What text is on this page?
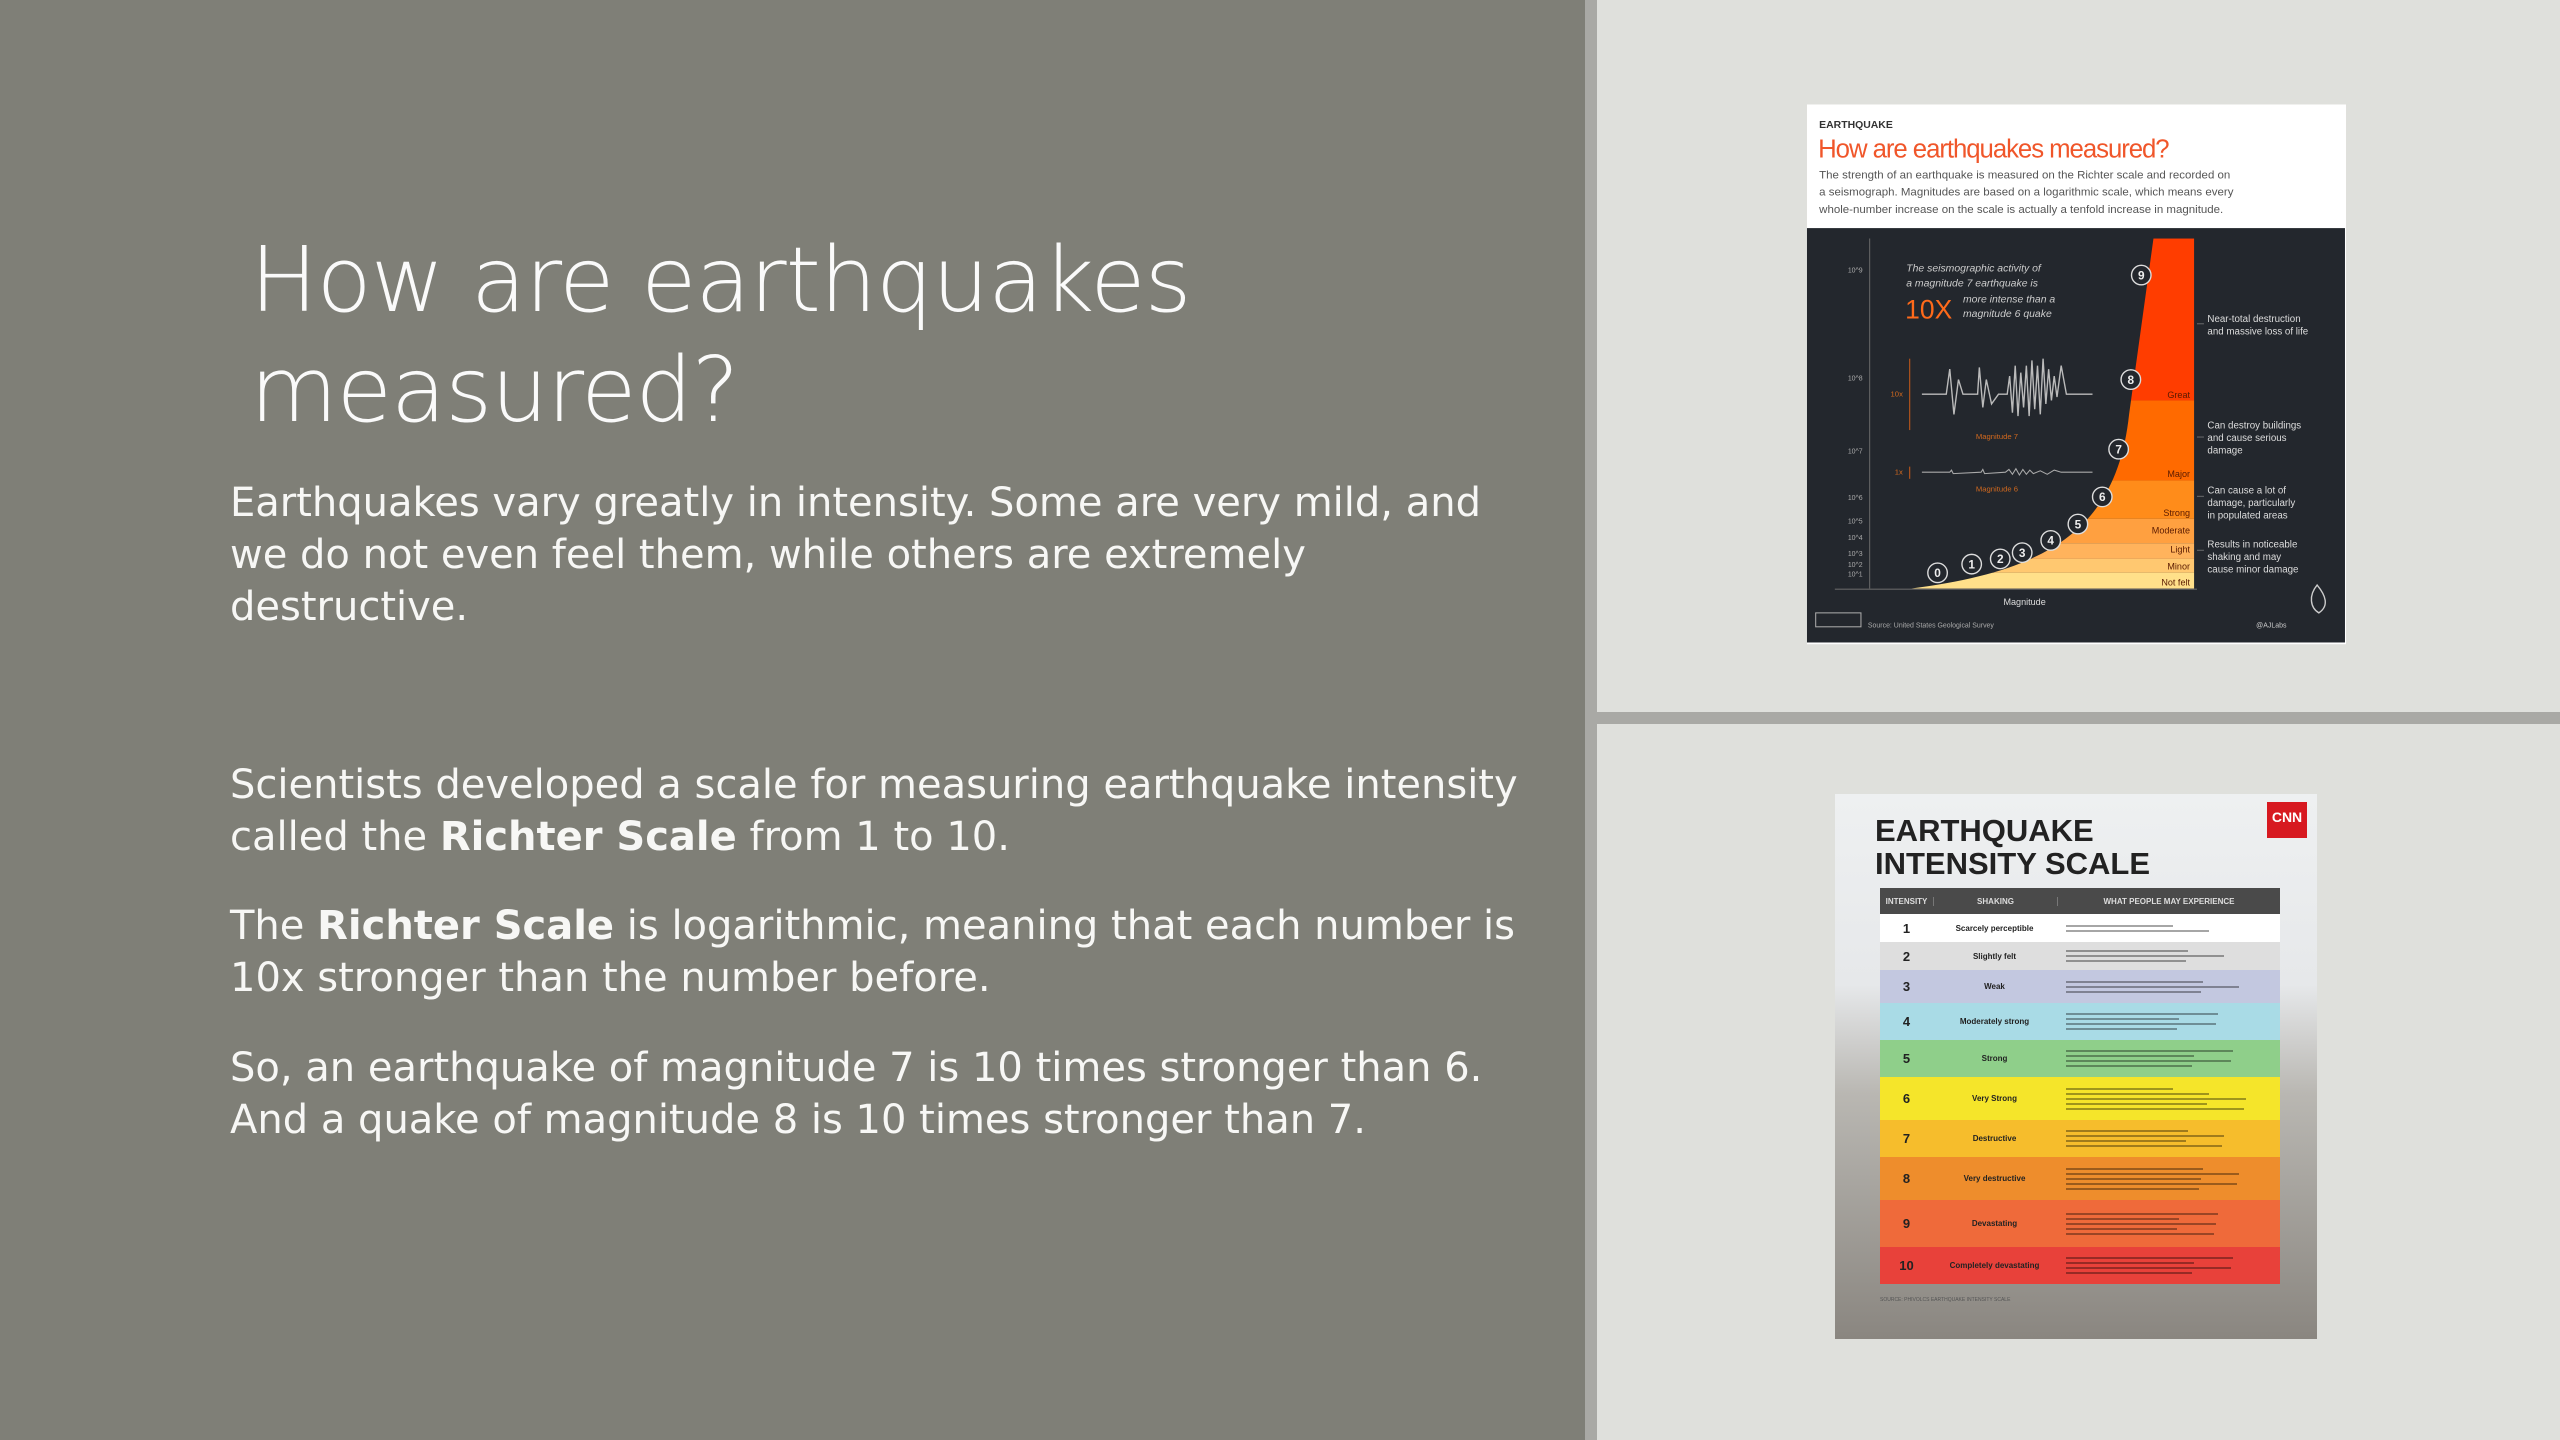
How are earthquakes measured?
Earthquakes vary greatly in intensity. Some are very mild, and we do not even feel them, while others are extremely destructive.
Scientists developed a scale for measuring earthquake intensity called the Richter Scale from 1 to 10.
The Richter Scale is logarithmic, meaning that each number is 10x stronger than the number before.
So, an earthquake of magnitude 7 is 10 times stronger than 6. And a quake of magnitude 8 is 10 times stronger than 7.
EARTHQUAKE
How are earthquakes measured?
The strength of an earthquake is measured on the Richter scale and recorded on
a seismograph. Magnitudes are based on a logarithmic scale, which means every
whole-number increase on the scale is actually a tenfold increase in magnitude.
10^9
10^8
10^7
10^6
10^5
10^4
10^3
10^2
10^1
Great
Major
Strong
Moderate
Light
Minor
Not felt
0
1 2 3
4
5
6
7
8
9
The seismographic activity of
a magnitude 7 earthquake is
more intense than a
magnitude 6 quake
10X
10x
1x
Magnitude 7
Magnitude 6
Near-total destruction
and massive loss of life
Can destroy buildings
and cause serious
damage
Can cause a lot of
damage, particularly
in populated areas
Results in noticeable
shaking and may
cause minor damage
Magnitude
Source: United States Geological Survey	@AJLabs
EARTHQUAKE
INTENSITY SCALE
CNN
INTENSITY	SHAKING	WHAT PEOPLE MAY EXPERIENCE
1	Scarcely perceptible
2	Slightly felt
3	Weak
4	Moderately strong
5	Strong
6	Very Strong
7	Destructive
8	Very destructive
9	Devastating
10	Completely devastating
SOURCE: PHIVOLCS EARTHQUAKE INTENSITY SCALE
